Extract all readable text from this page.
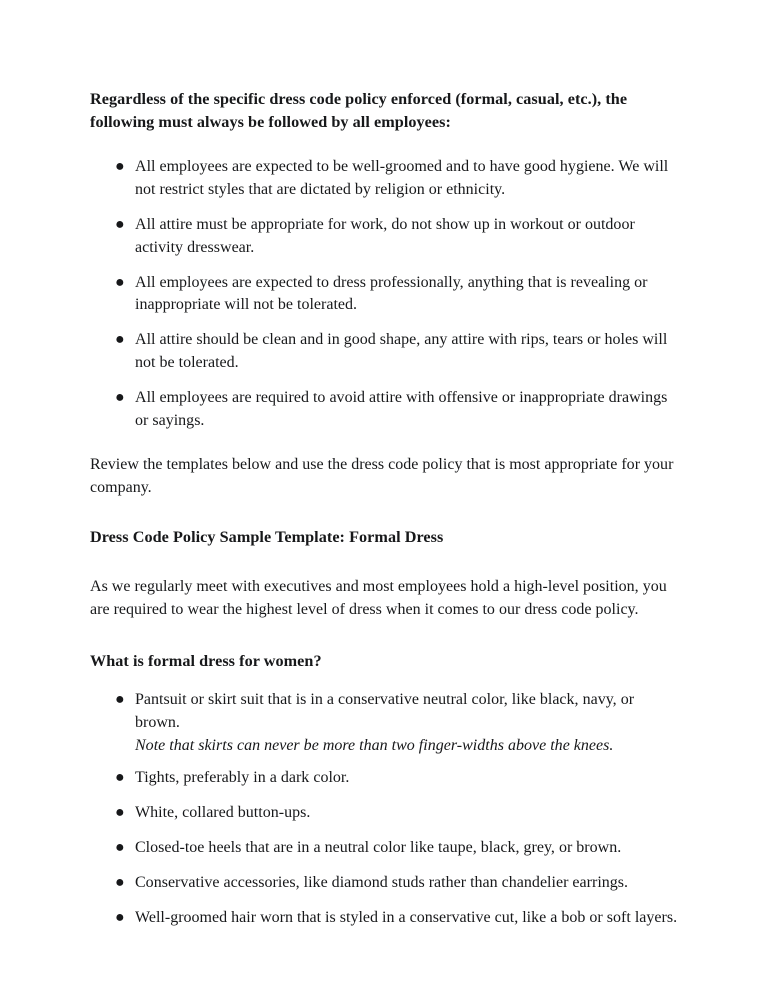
Regardless of the specific dress code policy enforced (formal, casual, etc.), the following must always be followed by all employees:

● All employees are expected to be well-groomed and to have good hygiene. We will not restrict styles that are dictated by religion or ethnicity.
● All attire must be appropriate for work, do not show up in workout or outdoor activity dresswear.
● All employees are expected to dress professionally, anything that is revealing or inappropriate will not be tolerated.
● All attire should be clean and in good shape, any attire with rips, tears or holes will not be tolerated.
● All employees are required to avoid attire with offensive or inappropriate drawings or sayings.

Review the templates below and use the dress code policy that is most appropriate for your company.

Dress Code Policy Sample Template: Formal Dress

As we regularly meet with executives and most employees hold a high-level position, you are required to wear the highest level of dress when it comes to our dress code policy.

What is formal dress for women?

● Pantsuit or skirt suit that is in a conservative neutral color, like black, navy, or brown.

Note that skirts can never be more than two finger-widths above the knees.

● Tights, preferably in a dark color.
● White, collared button-ups.
● Closed-toe heels that are in a neutral color like taupe, black, grey, or brown.
● Conservative accessories, like diamond studs rather than chandelier earrings.
● Well-groomed hair worn that is styled in a conservative cut, like a bob or soft layers.
